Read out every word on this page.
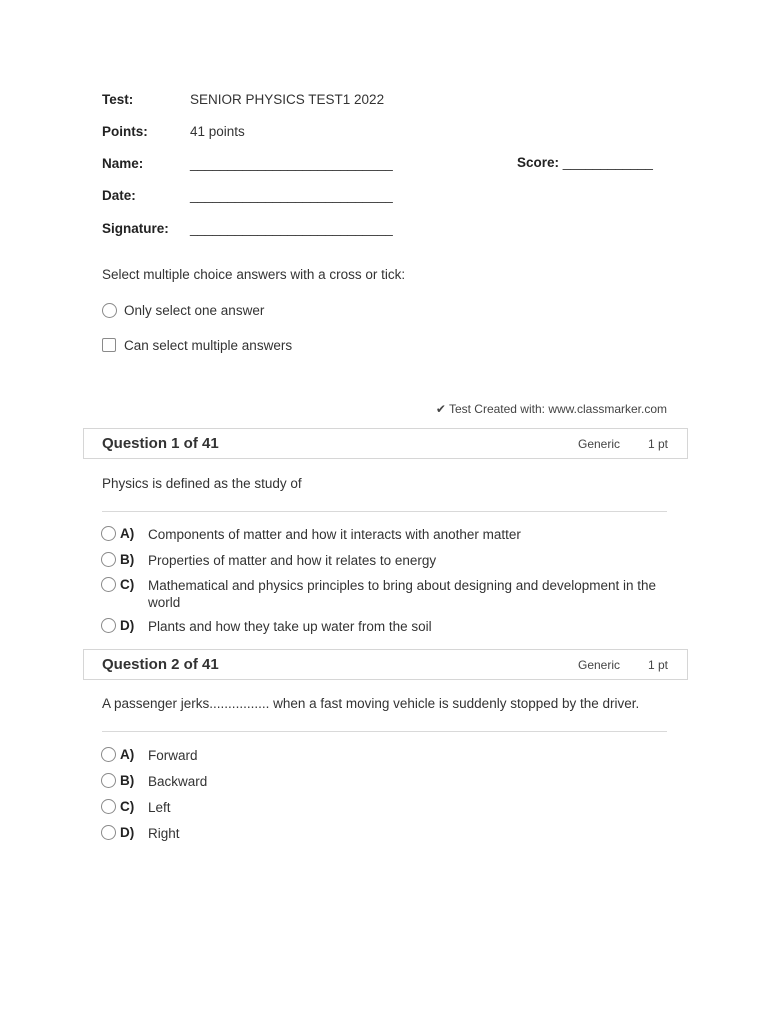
Test:	SENIOR PHYSICS TEST1 2022
Points:	41 points
Name:	___________________________	Score: ____________
Date:	___________________________
Signature: ___________________________
Select multiple choice answers with a cross or tick:
Only select one answer
Can select multiple answers
✔ Test Created with: www.classmarker.com
Question 1 of 41	Generic 1 pt
Physics is defined as the study of
A) Components of matter and how it interacts with another matter
B) Properties of matter and how it relates to energy
C) Mathematical and physics principles to bring about designing and development in the world
D) Plants and how they take up water from the soil
Question 2 of 41	Generic 1 pt
A passenger jerks................ when a fast moving vehicle is suddenly stopped by the driver.
A) Forward
B) Backward
C) Left
D) Right
